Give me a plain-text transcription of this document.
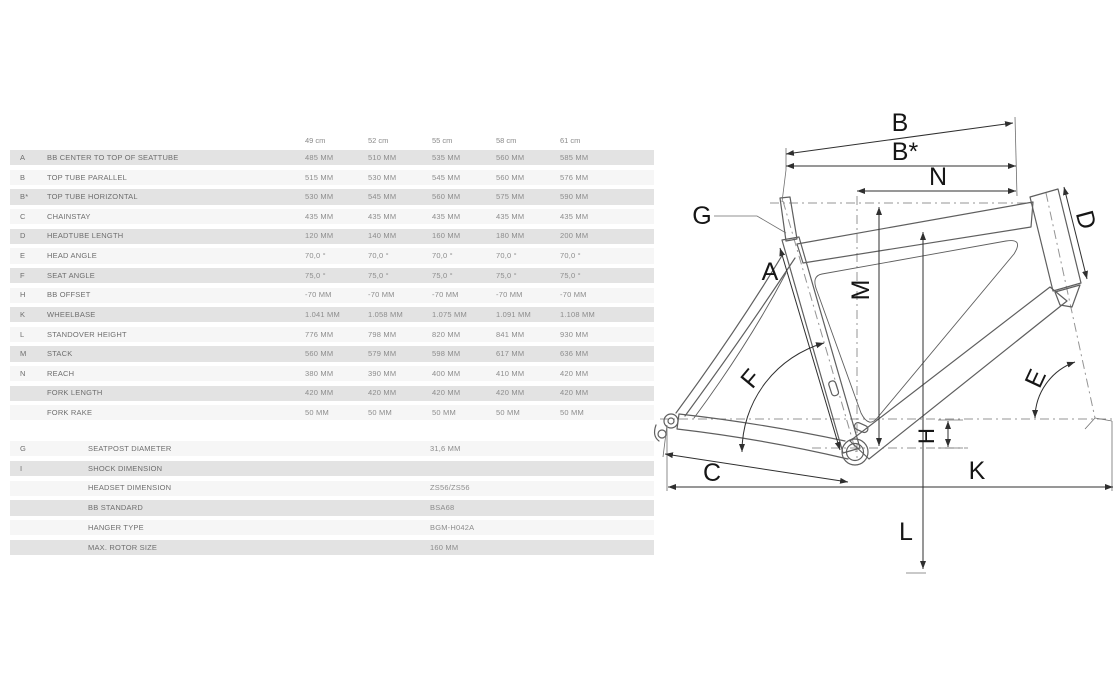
49 cm	52 cm	55 cm	58 cm	61 cm
A	BB CENTER TO TOP OF SEATTUBE	485 MM	510 MM	535 MM	560 MM	585 MM
B	TOP TUBE PARALLEL	515 MM	530 MM	545 MM	560 MM	576 MM
B* TOP TUBE HORIZONTAL	530 MM	545 MM	560 MM	575 MM	590 MM
C	CHAINSTAY	435 MM	435 MM	435 MM	435 MM	435 MM
D	HEADTUBE LENGTH	120 MM	140 MM	160 MM	180 MM	200 MM
E	HEAD ANGLE	70,0 °	70,0 °	70,0 °	70,0 °	70,0 °
F	SEAT ANGLE	75,0 °	75,0 °	75,0 °	75,0 °	75,0 °
H	BB OFFSET	-70 MM	-70 MM	-70 MM	-70 MM	-70 MM
K	WHEELBASE	1.041 MM	1.058 MM	1.075 MM	1.091 MM	1.108 MM
L	STANDOVER HEIGHT	776 MM	798 MM	820 MM	841 MM	930 MM
M	STACK	560 MM	579 MM	598 MM	617 MM	636 MM
N	REACH	380 MM	390 MM	400 MM	410 MM	420 MM
FORK LENGTH	420 MM	420 MM	420 MM	420 MM	420 MM
FORK RAKE	50 MM	50 MM	50 MM	50 MM	50 MM
G	SEATPOST DIAMETER	31,6 MM
I	SHOCK DIMENSION
HEADSET DIMENSION	ZS56/ZS56
BB STANDARD	BSA68
HANGER TYPE	BGM-H042A
MAX. ROTOR SIZE	160 MM
B
B*
N
G
A
D
M
H
F	E
C	K
L
